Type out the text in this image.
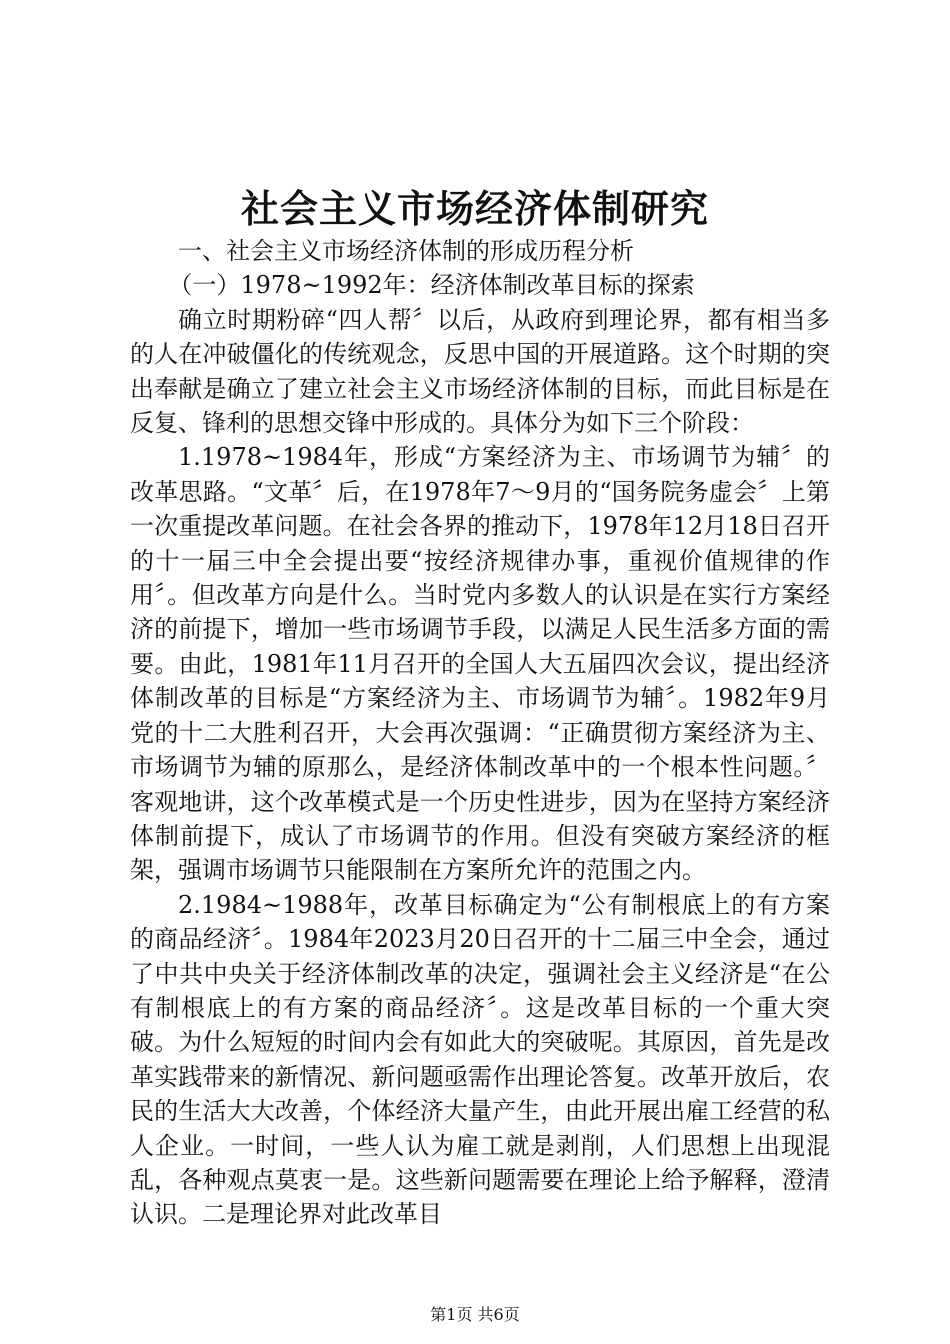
社会主义市场经济体制研究

一、社会主义市场经济体制的形成历程分析

（一）1978~1992年：经济体制改革目标的探索

确立时期粉碎“四人帮〞以后，从政府到理论界，都有相当多的人在冲破僵化的传统观念，反思中国的开展道路。这个时期的突出奉献是确立了建立社会主义市场经济体制的目标，而此目标是在反复、锋利的思想交锋中形成的。具体分为如下三个阶段：

1.1978~1984年，形成“方案经济为主、市场调节为辅〞的改革思路。“文革〞后，在1978年7～9月的“国务院务虚会〞上第一次重提改革问题。在社会各界的推动下，1978年12月18日召开的十一届三中全会提出要“按经济规律办事，重视价值规律的作用〞。但改革方向是什么。当时党内多数人的认识是在实行方案经济的前提下，增加一些市场调节手段，以满足人民生活多方面的需要。由此，1981年11月召开的全国人大五届四次会议，提出经济体制改革的目标是“方案经济为主、市场调节为辅〞。1982年9月党的十二大胜利召开，大会再次强调：“正确贯彻方案经济为主、市场调节为辅的原那么，是经济体制改革中的一个根本性问题。〞客观地讲，这个改革模式是一个历史性进步，因为在坚持方案经济体制前提下，成认了市场调节的作用。但没有突破方案经济的框架，强调市场调节只能限制在方案所允许的范围之内。

2.1984~1988年，改革目标确定为“公有制根底上的有方案的商品经济〞。1984年2023月20日召开的十二届三中全会，通过了中共中央关于经济体制改革的决定，强调社会主义经济是“在公有制根底上的有方案的商品经济〞。这是改革目标的一个重大突破。为什么短短的时间内会有如此大的突破呢。其原因，首先是改革实践带来的新情况、新问题亟需作出理论答复。改革开放后，农民的生活大大改善，个体经济大量产生，由此开展出雇工经营的私人企业。一时间，一些人认为雇工就是剥削，人们思想上出现混乱，各种观点莫衷一是。这些新问题需要在理论上给予解释，澄清认识。二是理论界对此改革目

第1页 共6页
